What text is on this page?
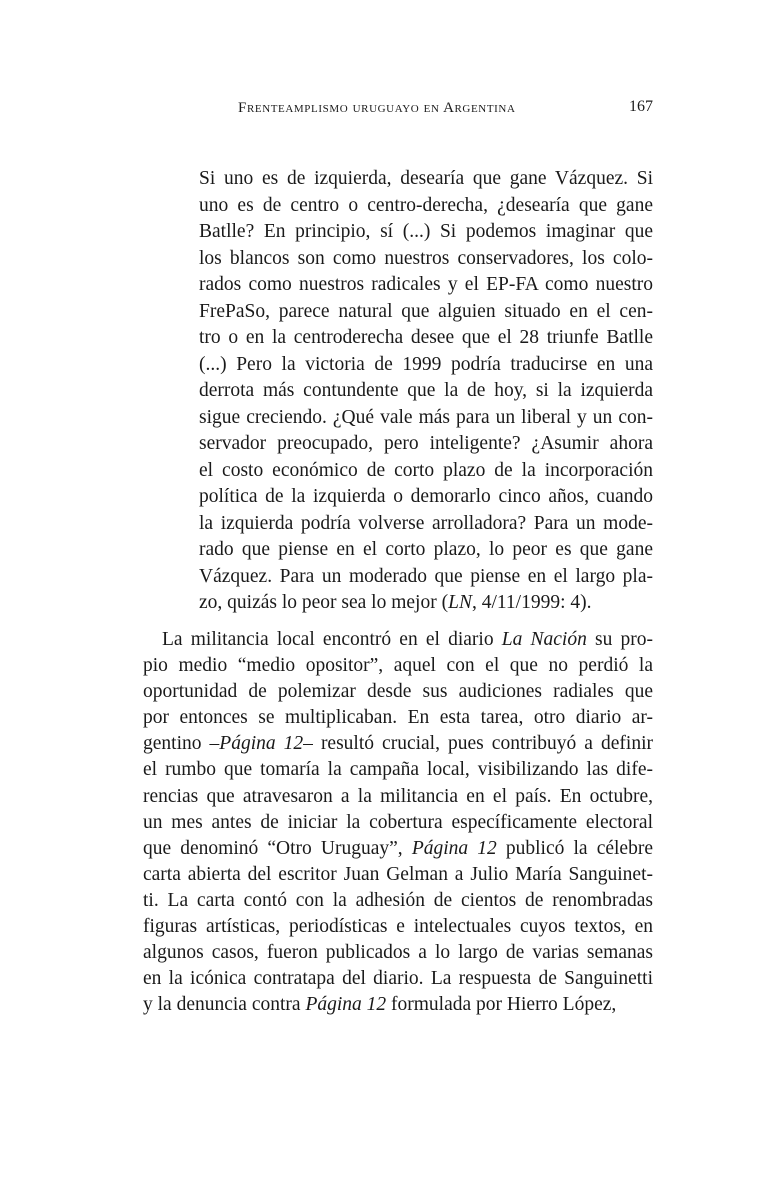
Frenteamplismo uruguayo en Argentina	167
Si uno es de izquierda, desearía que gane Vázquez. Si
uno es de centro o centro-derecha, ¿desearía que gane
Batlle? En principio, sí (...) Si podemos imaginar que
los blancos son como nuestros conservadores, los colo-
rados como nuestros radicales y el EP-FA como nuestro
FrePaSo, parece natural que alguien situado en el cen-
tro o en la centroderecha desee que el 28 triunfe Batlle
(...) Pero la victoria de 1999 podría traducirse en una
derrota más contundente que la de hoy, si la izquierda
sigue creciendo. ¿Qué vale más para un liberal y un con-
servador preocupado, pero inteligente? ¿Asumir ahora
el costo económico de corto plazo de la incorporación
política de la izquierda o demorarlo cinco años, cuando
la izquierda podría volverse arrolladora? Para un mode-
rado que piense en el corto plazo, lo peor es que gane
Vázquez. Para un moderado que piense en el largo pla-
zo, quizás lo peor sea lo mejor (LN, 4/11/1999: 4).
La militancia local encontró en el diario La Nación su pro-
pio medio “medio opositor”, aquel con el que no perdió la
oportunidad de polemizar desde sus audiciones radiales que
por entonces se multiplicaban. En esta tarea, otro diario ar-
gentino –Página 12– resultó crucial, pues contribuyó a definir
el rumbo que tomaría la campaña local, visibilizando las dife-
rencias que atravesaron a la militancia en el país. En octubre,
un mes antes de iniciar la cobertura específicamente electoral
que denominó “Otro Uruguay”, Página 12 publicó la célebre
carta abierta del escritor Juan Gelman a Julio María Sanguinet-
ti. La carta contó con la adhesión de cientos de renombradas
figuras artísticas, periodísticas e intelectuales cuyos textos, en
algunos casos, fueron publicados a lo largo de varias semanas
en la icónica contratapa del diario. La respuesta de Sanguinetti
y la denuncia contra Página 12 formulada por Hierro López,
